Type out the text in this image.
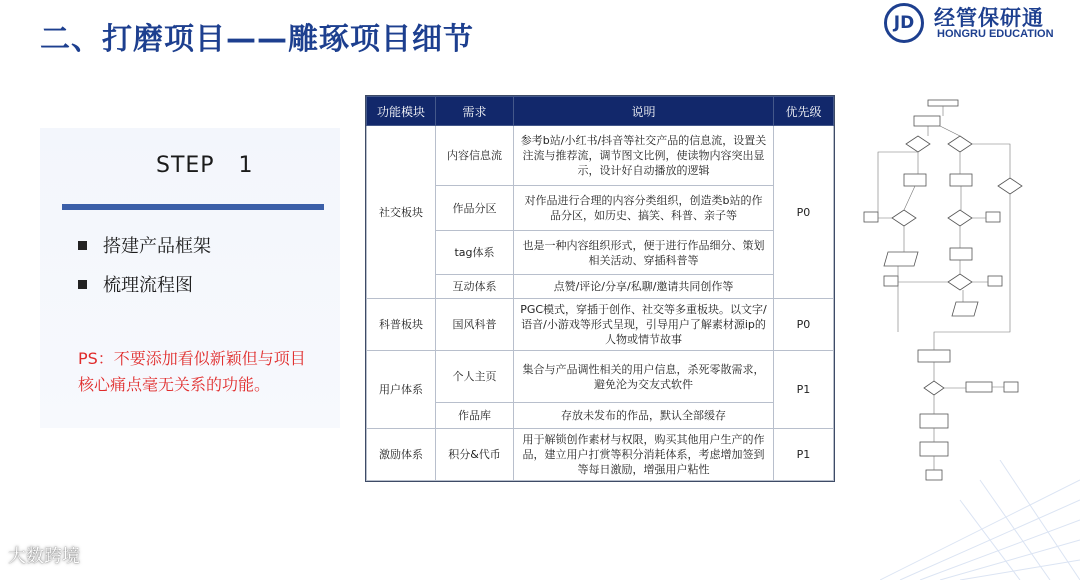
二、打磨项目——雕琢项目细节	JD 经管保研通
HONGRU EDUCATION
STEP   1
搭建产品框架
梳理流程图
PS：不要添加看似新颖但与项目核心痛点毫无关系的功能。
功能模块	需求	说明	优先级
社交板块	内容信息流	参考b站/小红书/抖音等社交产品的信息流，设置关注流与推荐流，调节图文比例，使读物内容突出显示，设计好自动播放的逻辑	P0
	作品分区	对作品进行合理的内容分类组织，创造类b站的作品分区，如历史、搞笑、科普、亲子等	
	tag体系	也是一种内容组织形式，便于进行作品细分、策划相关活动、穿插科普等	
	互动体系	点赞/评论/分享/私聊/邀请共同创作等	
科普板块	国风科普	PGC模式，穿插于创作、社交等多重板块。以文字/语音/小游戏等形式呈现，引导用户了解素材源ip的人物或情节故事	P0
用户体系	个人主页	集合与产品调性相关的用户信息，杀死零散需求，避免沦为交友式软件	P1
	作品库	存放未发布的作品，默认全部缓存	
激励体系	积分&代币	用于解锁创作素材与权限，购买其他用户生产的作品，建立用户打赏等积分消耗体系，考虑增加签到等每日激励，增强用户粘性	P1
大数跨境
